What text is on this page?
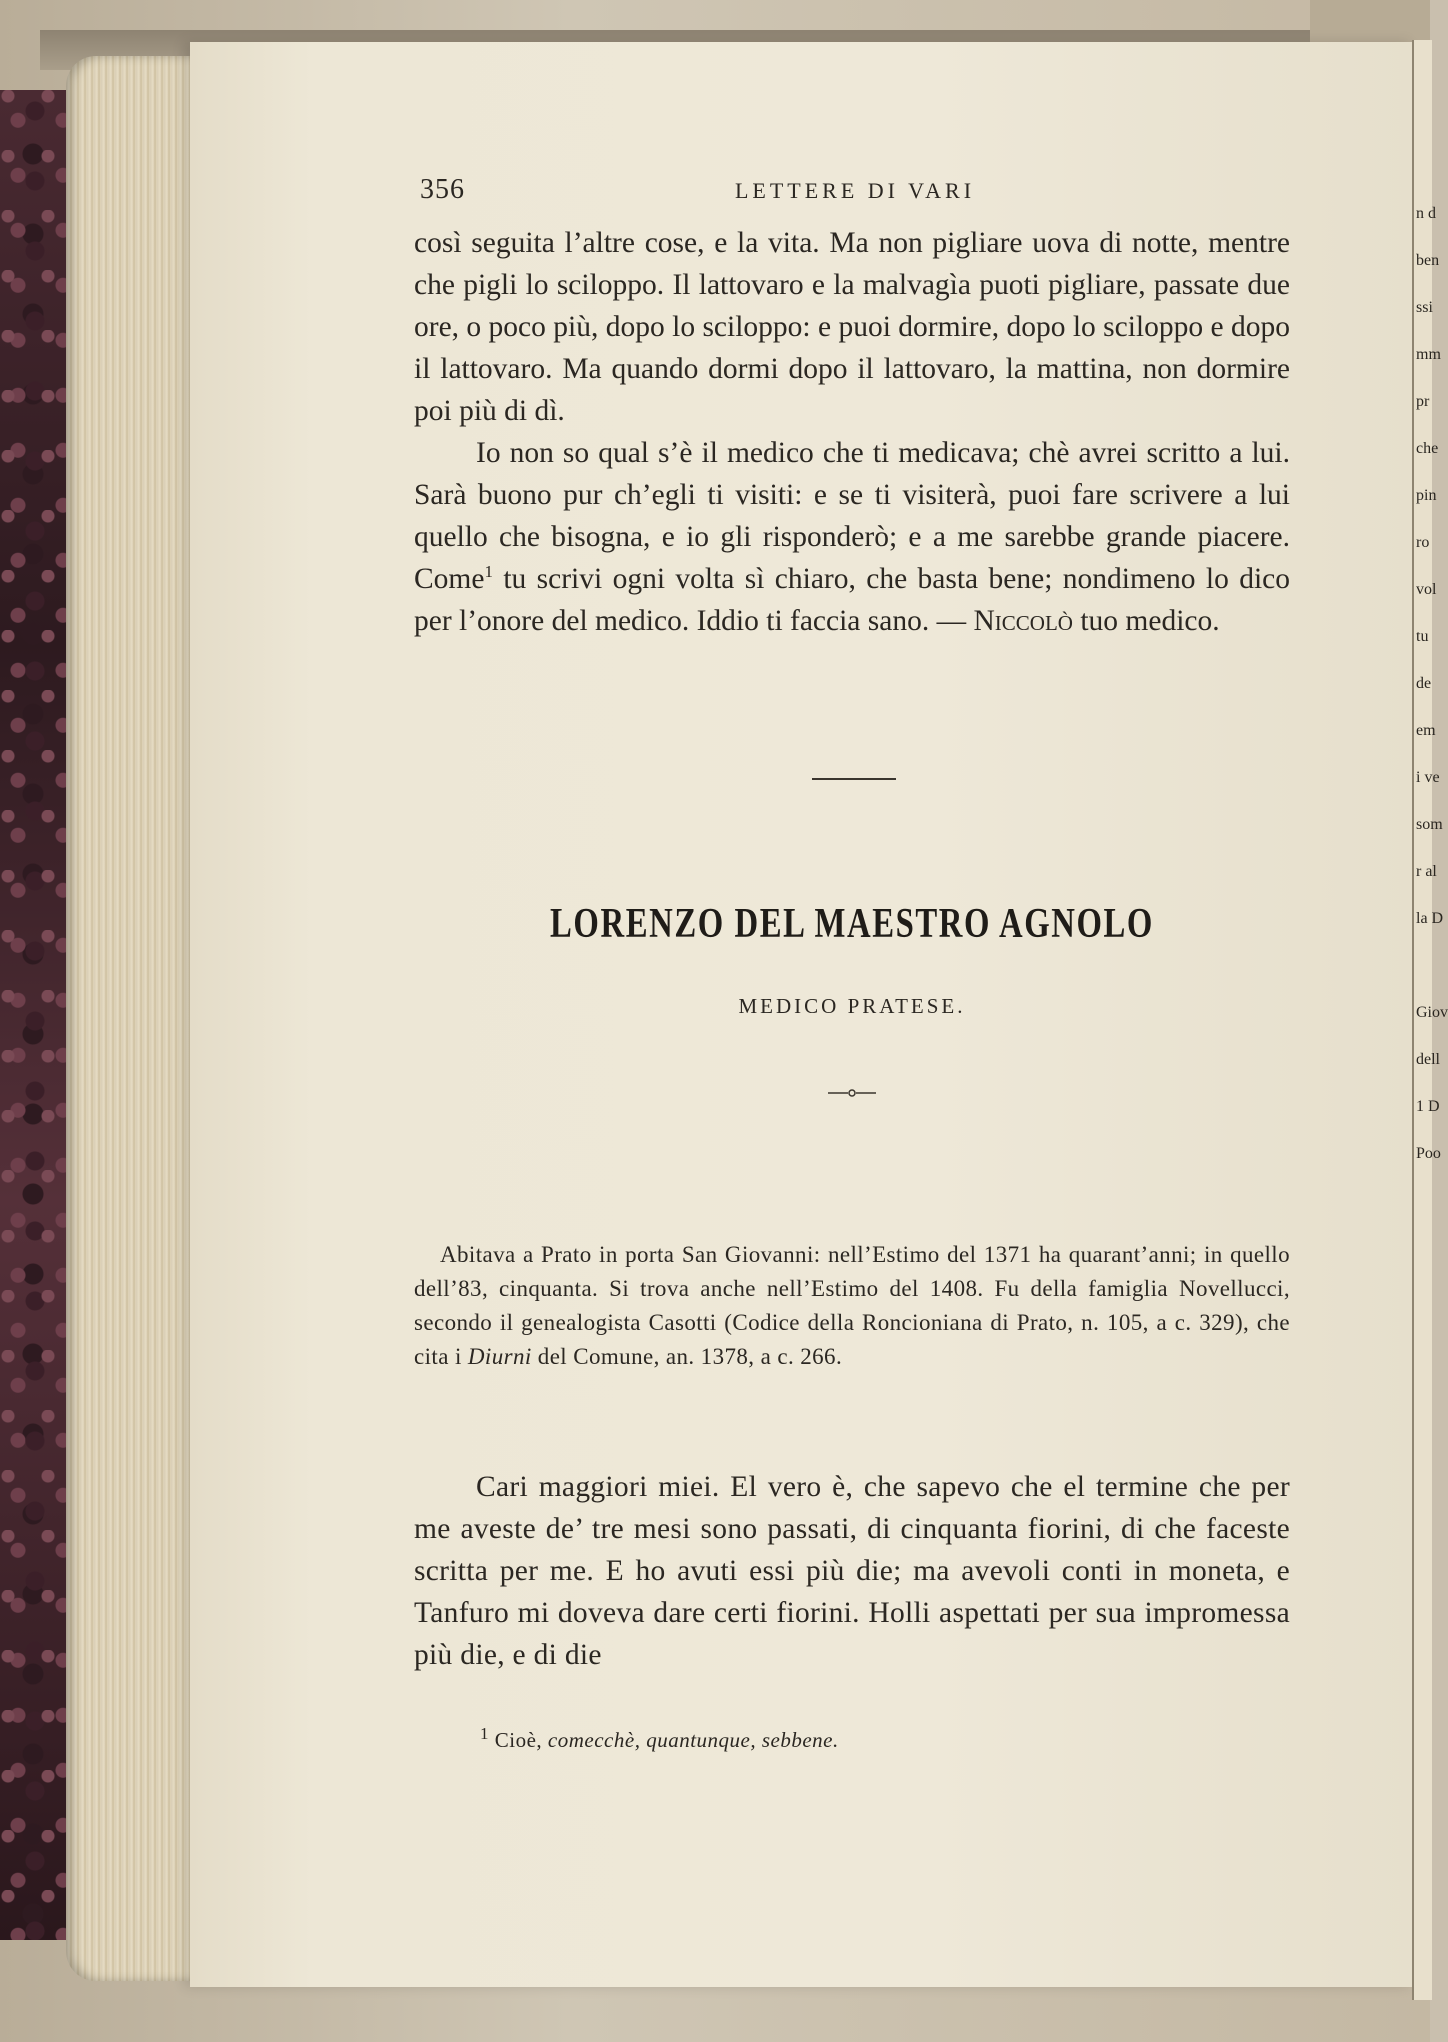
n d
ben
ssi
mm
pr
che
pin
ro
vol
tu
de
em
i ve
som
r al
la D

Giov
dell
1 D
Poo
356	LETTERE DI VARI

così seguita l’altre cose, e la vita. Ma non pigliare uova di notte, mentre che pigli lo sciloppo. Il lattovaro e la malvagìa puoti pigliare, passate due ore, o poco più, dopo lo sciloppo: e puoi dormire, dopo lo sciloppo e dopo il lattovaro. Ma quando dormi dopo il lattovaro, la mattina, non dormire poi più di dì.

Io non so qual s’è il medico che ti medicava; chè avrei scritto a lui. Sarà buono pur ch’egli ti visiti: e se ti visiterà, puoi fare scrivere a lui quello che bisogna, e io gli risponderò; e a me sarebbe grande piacere. Come$^1$ tu scrivi ogni volta sì chiaro, che basta bene; nondimeno lo dico per l’onore del medico. Iddio ti faccia sano. — Niccolò tuo medico.

LORENZO DEL MAESTRO AGNOLO
MEDICO PRATESE.

Abitava a Prato in porta San Giovanni: nell’Estimo del 1371 ha quarant’anni; in quello dell’83, cinquanta. Si trova anche nell’Estimo del 1408. Fu della famiglia Novellucci, secondo il genealogista Casotti (Codice della Roncioniana di Prato, n. 105, a c. 329), che cita i Diurni del Comune, an. 1378, a c. 266.

Cari maggiori miei. El vero è, che sapevo che el termine che per me aveste de’ tre mesi sono passati, di cinquanta fiorini, di che faceste scritta per me. E ho avuti essi più die; ma avevoli conti in moneta, e Tanfuro mi doveva dare certi fiorini. Holli aspettati per sua impromessa più die, e di die

$^1$ Cioè, comecchè, quantunque, sebbene.
